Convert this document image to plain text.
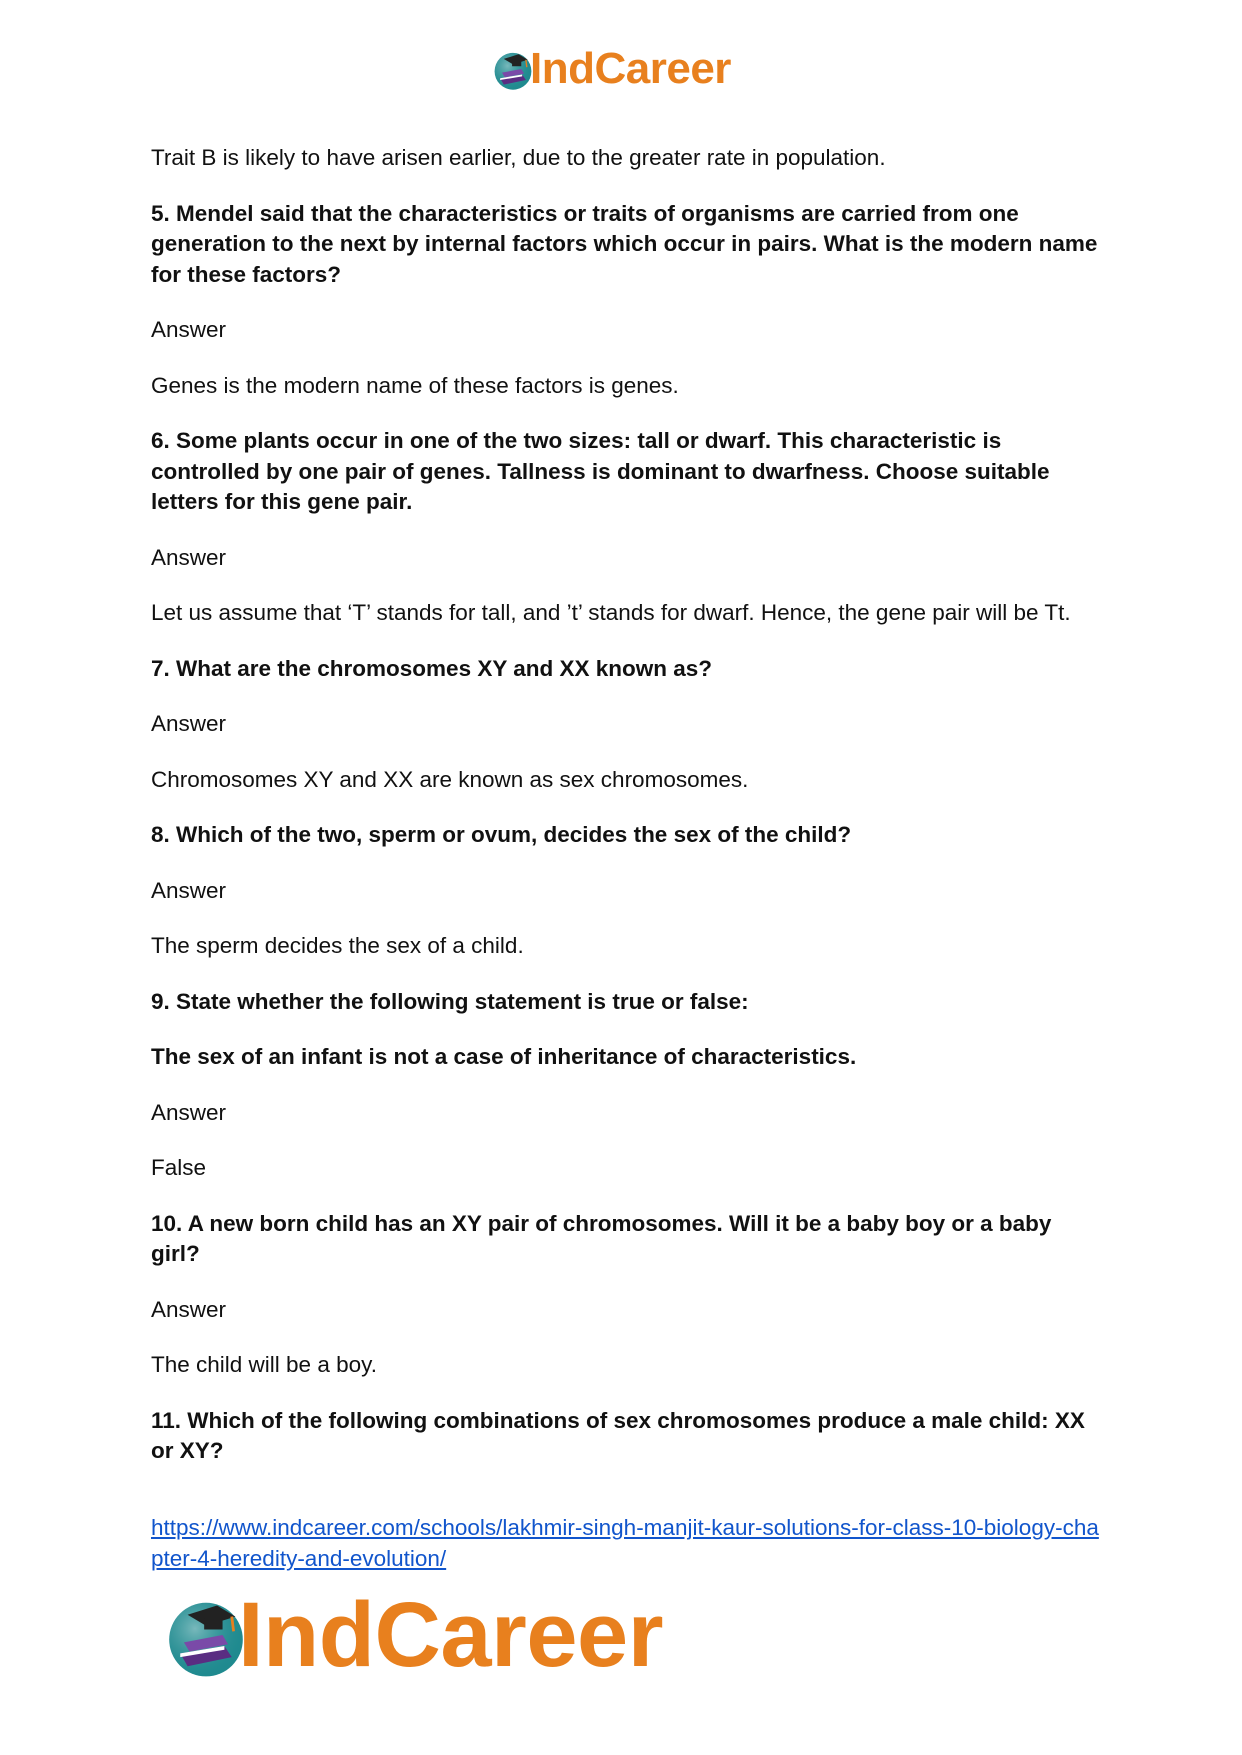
IndCareer

Trait B is likely to have arisen earlier, due to the greater rate in population.

5. Mendel said that the characteristics or traits of organisms are carried from one generation to the next by internal factors which occur in pairs. What is the modern name for these factors?

Answer

Genes is the modern name of these factors is genes.

6. Some plants occur in one of the two sizes: tall or dwarf. This characteristic is controlled by one pair of genes. Tallness is dominant to dwarfness. Choose suitable letters for this gene pair.

Answer

Let us assume that ‘T’ stands for tall, and ’t’ stands for dwarf. Hence, the gene pair will be Tt.

7. What are the chromosomes XY and XX known as?

Answer

Chromosomes XY and XX are known as sex chromosomes.

8. Which of the two, sperm or ovum, decides the sex of the child?

Answer

The sperm decides the sex of a child.

9. State whether the following statement is true or false:

The sex of an infant is not a case of inheritance of characteristics.

Answer

False

10. A new born child has an XY pair of chromosomes. Will it be a baby boy or a baby girl?

Answer

The child will be a boy.

11. Which of the following combinations of sex chromosomes produce a male child: XX or XY?

https://www.indcareer.com/schools/lakhmir-singh-manjit-kaur-solutions-for-class-10-biology-chapter-4-heredity-and-evolution/
IndCareer
